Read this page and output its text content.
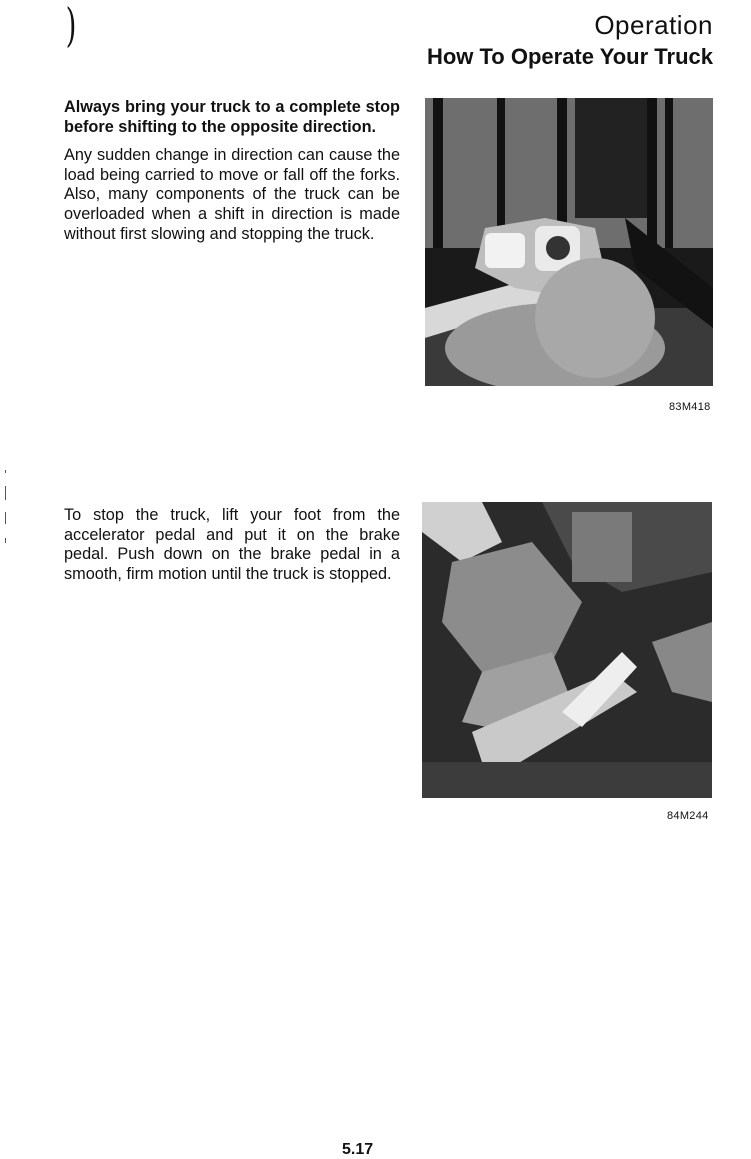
)	Operation
How To Operate Your Truck

Always bring your truck to a complete stop before shifting to the opposite direction.

Any sudden change in direction can cause the load being carried to move or fall off the forks. Also, many components of the truck can be overloaded when a shift in direction is made without first slowing and stopping the truck.

83M418

To stop the truck, lift your foot from the accelerator pedal and put it on the brake pedal. Push down on the brake pedal in a smooth, firm motion until the truck is stopped.

84M244
5.17
